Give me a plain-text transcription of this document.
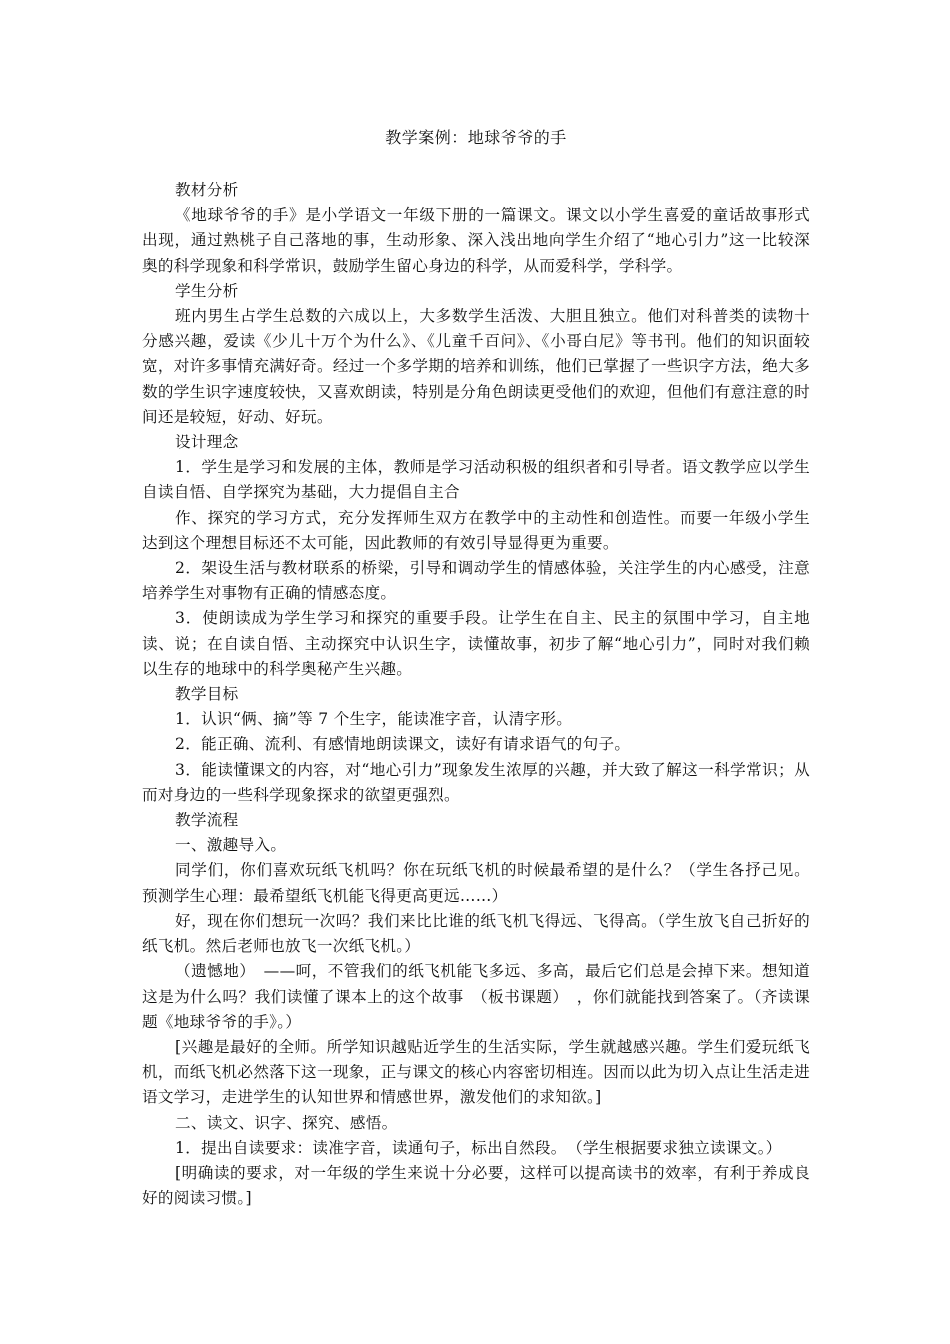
教学案例：地球爷爷的手

教材分析

《地球爷爷的手》是小学语文一年级下册的一篇课文。课文以小学生喜爱的童话故事形式出现，通过熟桃子自己落地的事，生动形象、深入浅出地向学生介绍了“地心引力”这一比较深奥的科学现象和科学常识，鼓励学生留心身边的科学，从而爱科学，学科学。

学生分析

班内男生占学生总数的六成以上，大多数学生活泼、大胆且独立。他们对科普类的读物十分感兴趣，爱读《少儿十万个为什么》、《儿童千百问》、《小哥白尼》等书刊。他们的知识面较宽，对许多事情充满好奇。经过一个多学期的培养和训练，他们已掌握了一些识字方法，绝大多数的学生识字速度较快，又喜欢朗读，特别是分角色朗读更受他们的欢迎，但他们有意注意的时间还是较短，好动、好玩。

设计理念

1．学生是学习和发展的主体，教师是学习活动积极的组织者和引导者。语文教学应以学生自读自悟、自学探究为基础，大力提倡自主合

作、探究的学习方式，充分发挥师生双方在教学中的主动性和创造性。而要一年级小学生达到这个理想目标还不太可能，因此教师的有效引导显得更为重要。

2．架设生活与教材联系的桥梁，引导和调动学生的情感体验，关注学生的内心感受，注意培养学生对事物有正确的情感态度。

3．使朗读成为学生学习和探究的重要手段。让学生在自主、民主的氛围中学习，自主地读、说；在自读自悟、主动探究中认识生字，读懂故事，初步了解“地心引力”，同时对我们赖以生存的地球中的科学奥秘产生兴趣。

教学目标

1．认识“俩、摘”等 7 个生字，能读准字音，认清字形。

2．能正确、流利、有感情地朗读课文，读好有请求语气的句子。

3．能读懂课文的内容，对“地心引力”现象发生浓厚的兴趣，并大致了解这一科学常识；从而对身边的一些科学现象探求的欲望更强烈。

教学流程

一、激趣导入。

同学们，你们喜欢玩纸飞机吗？你在玩纸飞机的时候最希望的是什么？（学生各抒己见。预测学生心理：最希望纸飞机能飞得更高更远……）

好，现在你们想玩一次吗？我们来比比谁的纸飞机飞得远、飞得高。（学生放飞自己折好的纸飞机。然后老师也放飞一次纸飞机。）

（遗憾地）　——呵，不管我们的纸飞机能飞多远、多高，最后它们总是会掉下来。想知道这是为什么吗？我们读懂了课本上的这个故事　（板书课题）　，你们就能找到答案了。（齐读课题《地球爷爷的手》。）

[兴趣是最好的全师。所学知识越贴近学生的生活实际，学生就越感兴趣。学生们爱玩纸飞机，而纸飞机必然落下这一现象，正与课文的核心内容密切相连。因而以此为切入点让生活走进语文学习，走进学生的认知世界和情感世界，激发他们的求知欲。]

二、读文、识字、探究、感悟。

1．提出自读要求：读准字音，读通句子，标出自然段。　（学生根据要求独立读课文。）

[明确读的要求，对一年级的学生来说十分必要，这样可以提高读书的效率，有利于养成良好的阅读习惯。]
